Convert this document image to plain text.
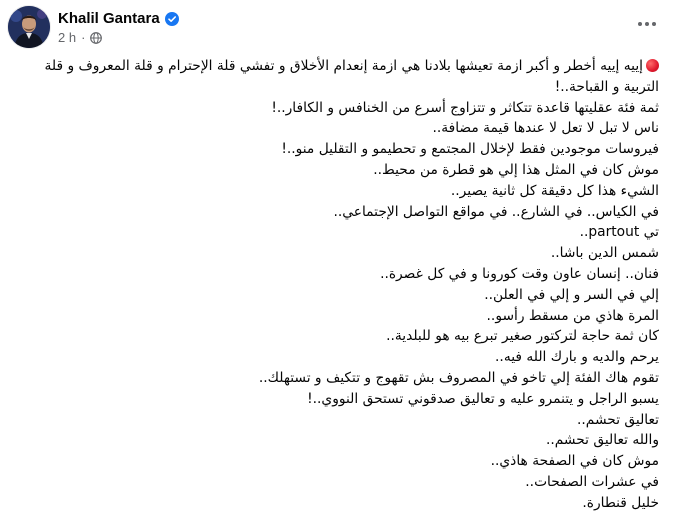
Khalil Gantara
2 h ·
إييه إييه أخطر و أكبر ازمة تعيشها بلادنا هي ازمة إنعدام الأخلاق و تفشي قلة الإحترام و قلة المعروف و قلة التربية و القباحة..!
ثمة فئة عقليتها قاعدة تتكاثر و تتزاوج أسرع من الخنافس و الكافار..!
ناس لا تبل لا تعل لا عندها قيمة مضافة..
فيروسات موجودين فقط لإخلال المجتمع و تحطيمو و التقليل منو..!
موش كان في المثل هذا إلي هو قطرة من محيط..
الشيء هذا كل دقيقة كل ثانية يصير..
في الكياس.. في الشارع.. في مواقع التواصل الإجتماعي..
تي partout..
شمس الدين باشا..
فنان.. إنسان عاون وقت كورونا و في كل غصرة..
إلي في السر و إلي في العلن..
المرة هاذي من مسقط رأسو..
كان ثمة حاجة لتركتور صغير تبرع بيه هو للبلدية..
يرحم والديه و بارك الله فيه..
تقوم هاك الفئة إلي تاخو في المصروف بش تقهوج و تتكيف و تستهلك..
يسبو الراجل و يتنمرو عليه و تعاليق صدقوني تستحق النووي..!
تعاليق تحشم..
والله تعاليق تحشم..
موش كان في الصفحة هاذي..
في عشرات الصفحات..
خليل قنطارة.
